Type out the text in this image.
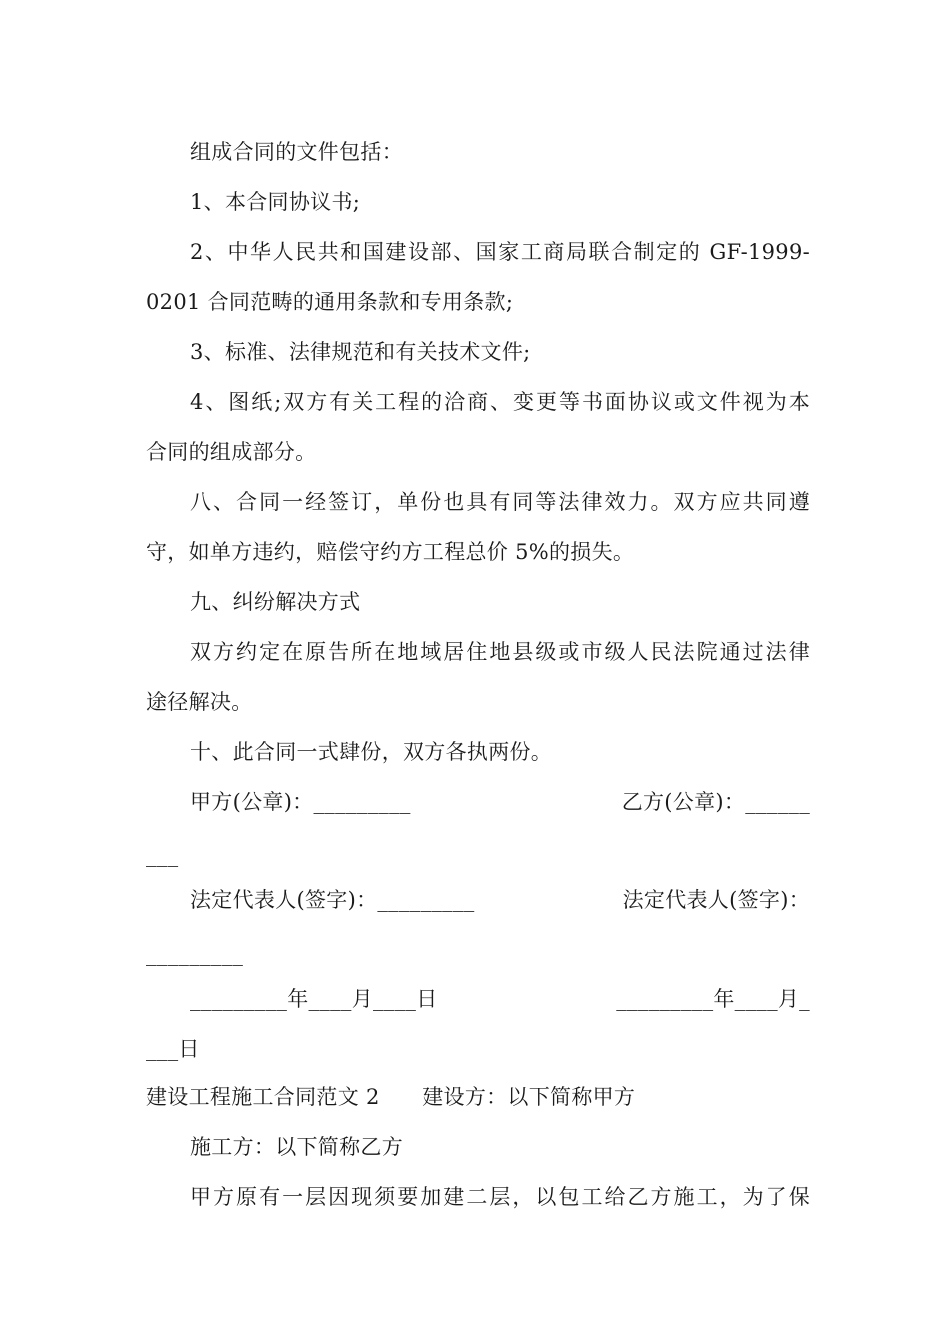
组成合同的文件包括：
1、本合同协议书;
2、中华人民共和国建设部、国家工商局联合制定的 GF-1999-
0201 合同范畴的通用条款和专用条款;
3、标准、法律规范和有关技术文件;
4、图纸;双方有关工程的洽商、变更等书面协议或文件视为本
合同的组成部分。
八、合同一经签订，单份也具有同等法律效力。双方应共同遵
守，如单方违约，赔偿守约方工程总价 5%的损失。
九、纠纷解决方式
双方约定在原告所在地域居住地县级或市级人民法院通过法律
途径解决。
十、此合同一式肆份，双方各执两份。
甲方(公章)：_________	乙方(公章)：______
___
法定代表人(签字)：_________	法定代表人(签字)：
_________
_________年____月____日	_________年____月_
___日
建设工程施工合同范文 2　　建设方：以下简称甲方
施工方：以下简称乙方
甲方原有一层因现须要加建二层，以包工给乙方施工，为了保
